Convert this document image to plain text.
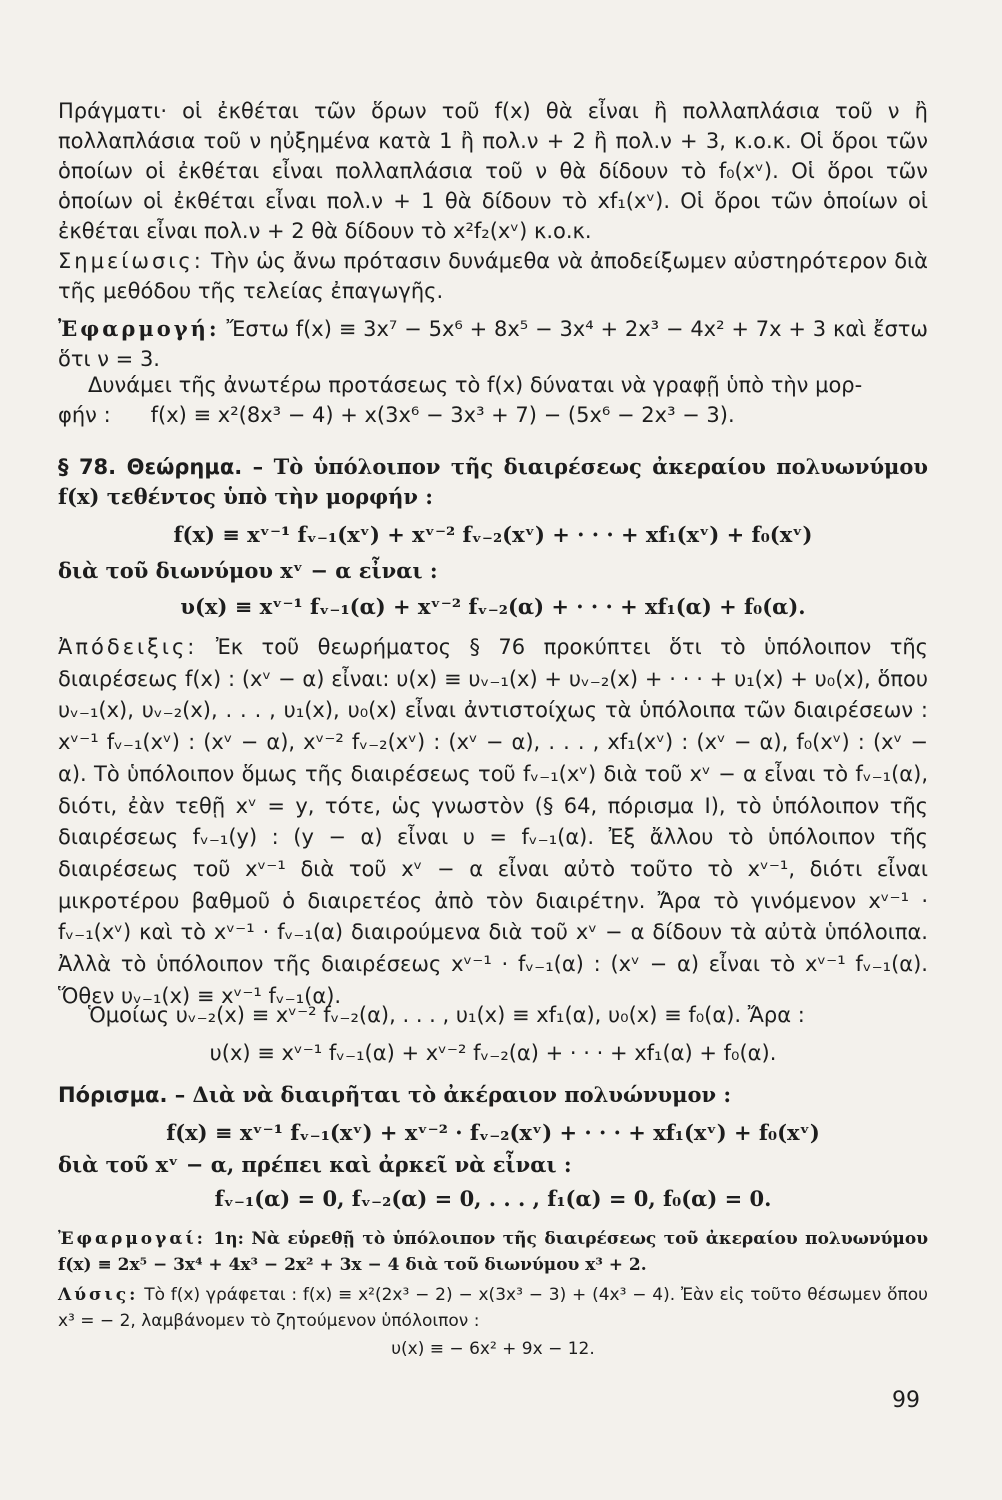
Πράγματι· οἱ ἐκθέται τῶν ὅρων τοῦ f(x) θὰ εἶναι ἢ πολλαπλάσια τοῦ ν ἢ πολλαπλάσια τοῦ ν ηὐξημένα κατὰ 1 ἢ πολ.ν + 2 ἢ πολ.ν + 3, κ.ο.κ. Οἱ ὅροι τῶν ὁποίων οἱ ἐκθέται εἶναι πολλαπλάσια τοῦ ν θὰ δίδουν τὸ f₀(xᵛ). Οἱ ὅροι τῶν ὁποίων οἱ ἐκθέται εἶναι πολ.ν + 1 θὰ δίδουν τὸ xf₁(xᵛ). Οἱ ὅροι τῶν ὁποίων οἱ ἐκθέται εἶναι πολ.ν + 2 θὰ δίδουν τὸ x²f₂(xᵛ) κ.ο.κ.

Σημείωσις: Τὴν ὡς ἄνω πρότασιν δυνάμεθα νὰ ἀποδείξωμεν αὐστηρότερον διὰ τῆς μεθόδου τῆς τελείας ἐπαγωγῆς.

Ἐφαρμογή: Ἔστω f(x) ≡ 3x⁷ − 5x⁶ + 8x⁵ − 3x⁴ + 2x³ − 4x² + 7x + 3 καὶ ἔστω ὅτι ν = 3.

Δυνάμει τῆς ἀνωτέρω προτάσεως τὸ f(x) δύναται νὰ γραφῇ ὑπὸ τὴν μορ-

φήν : f(x) ≡ x²(8x³ − 4) + x(3x⁶ − 3x³ + 7) − (5x⁶ − 2x³ − 3).

§ 78. Θεώρημα. – Τὸ ὑπόλοιπον τῆς διαιρέσεως ἀκεραίου πολυωνύμου f(x) τεθέντος ὑπὸ τὴν μορφήν :

f(x) ≡ xᵛ⁻¹ fᵥ₋₁(xᵛ) + xᵛ⁻² fᵥ₋₂(xᵛ) + · · · + xf₁(xᵛ) + f₀(xᵛ)

διὰ τοῦ διωνύμου xᵛ − α εἶναι :

υ(x) ≡ xᵛ⁻¹ fᵥ₋₁(α) + xᵛ⁻² fᵥ₋₂(α) + · · · + xf₁(α) + f₀(α).

Ἀπόδειξις: Ἐκ τοῦ θεωρήματος § 76 προκύπτει ὅτι τὸ ὑπόλοιπον τῆς διαιρέσεως f(x) : (xᵛ − α) εἶναι: υ(x) ≡ υᵥ₋₁(x) + υᵥ₋₂(x) + · · · + υ₁(x) + υ₀(x), ὅπου υᵥ₋₁(x), υᵥ₋₂(x), . . . , υ₁(x), υ₀(x) εἶναι ἀντιστοίχως τὰ ὑπόλοιπα τῶν διαιρέσεων : xᵛ⁻¹ fᵥ₋₁(xᵛ) : (xᵛ − α), xᵛ⁻² fᵥ₋₂(xᵛ) : (xᵛ − α), . . . , xf₁(xᵛ) : (xᵛ − α), f₀(xᵛ) : (xᵛ − α). Τὸ ὑπόλοιπον ὅμως τῆς διαιρέσεως τοῦ fᵥ₋₁(xᵛ) διὰ τοῦ xᵛ − α εἶναι τὸ fᵥ₋₁(α), διότι, ἐὰν τεθῇ xᵛ = y, τότε, ὡς γνωστὸν (§ 64, πόρισμα I), τὸ ὑπόλοιπον τῆς διαιρέσεως fᵥ₋₁(y) : (y − α) εἶναι υ = fᵥ₋₁(α). Ἐξ ἄλλου τὸ ὑπόλοιπον τῆς διαιρέσεως τοῦ xᵛ⁻¹ διὰ τοῦ xᵛ − α εἶναι αὐτὸ τοῦτο τὸ xᵛ⁻¹, διότι εἶναι μικροτέρου βαθμοῦ ὁ διαιρετέος ἀπὸ τὸν διαιρέτην. Ἄρα τὸ γινόμενον xᵛ⁻¹ · fᵥ₋₁(xᵛ) καὶ τὸ xᵛ⁻¹ · fᵥ₋₁(α) διαιρούμενα διὰ τοῦ xᵛ − α δίδουν τὰ αὐτὰ ὑπόλοιπα. Ἀλλὰ τὸ ὑπόλοιπον τῆς διαιρέσεως xᵛ⁻¹ · fᵥ₋₁(α) : (xᵛ − α) εἶναι τὸ xᵛ⁻¹ fᵥ₋₁(α). Ὅθεν υᵥ₋₁(x) ≡ xᵛ⁻¹ fᵥ₋₁(α).

Ὁμοίως υᵥ₋₂(x) ≡ xᵛ⁻² fᵥ₋₂(α), . . . , υ₁(x) ≡ xf₁(α), υ₀(x) ≡ f₀(α). Ἄρα :

υ(x) ≡ xᵛ⁻¹ fᵥ₋₁(α) + xᵛ⁻² fᵥ₋₂(α) + · · · + xf₁(α) + f₀(α).

Πόρισμα. – Διὰ νὰ διαιρῆται τὸ ἀκέραιον πολυώνυμον :

f(x) ≡ xᵛ⁻¹ fᵥ₋₁(xᵛ) + xᵛ⁻² · fᵥ₋₂(xᵛ) + · · · + xf₁(xᵛ) + f₀(xᵛ)

διὰ τοῦ xᵛ − α, πρέπει καὶ ἀρκεῖ νὰ εἶναι :

fᵥ₋₁(α) = 0, fᵥ₋₂(α) = 0, . . . , f₁(α) = 0, f₀(α) = 0.

Ἐφαρμογαί: 1η: Νὰ εὑρεθῇ τὸ ὑπόλοιπον τῆς διαιρέσεως τοῦ ἀκεραίου πολυωνύμου f(x) ≡ 2x⁵ − 3x⁴ + 4x³ − 2x² + 3x − 4 διὰ τοῦ διωνύμου x³ + 2.

Λύσις: Τὸ f(x) γράφεται : f(x) ≡ x²(2x³ − 2) − x(3x³ − 3) + (4x³ − 4). Ἐὰν εἰς τοῦτο θέσωμεν ὅπου x³ = − 2, λαμβάνομεν τὸ ζητούμενον ὑπόλοιπον :

υ(x) ≡ − 6x² + 9x − 12.

99
